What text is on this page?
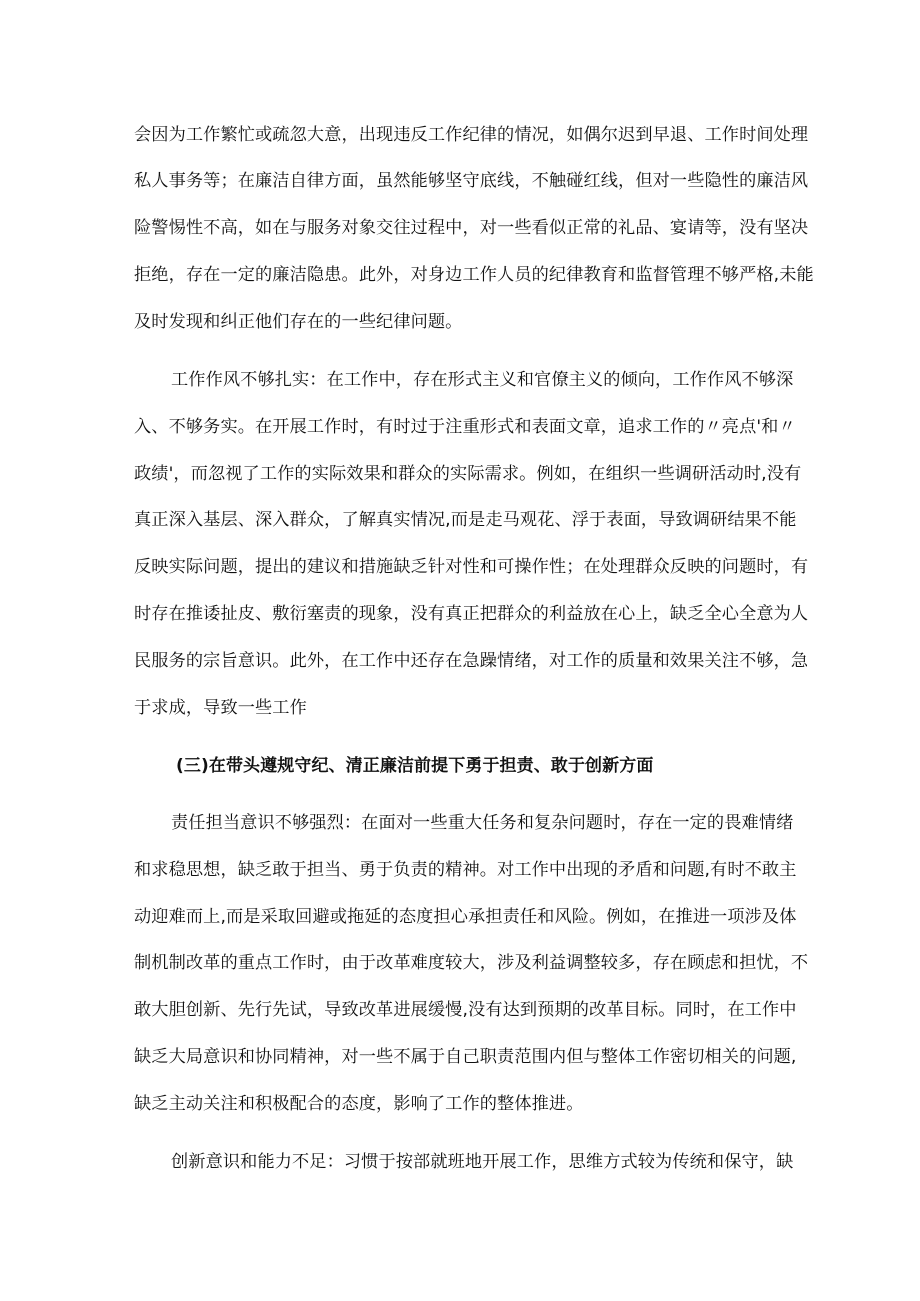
会因为工作繁忙或疏忽大意，出现违反工作纪律的情况，如偶尔迟到早退、工作时间处理
私人事务等；在廉洁自律方面，虽然能够坚守底线，不触碰红线，但对一些隐性的廉洁风
险警惕性不高，如在与服务对象交往过程中，对一些看似正常的礼品、宴请等，没有坚决
拒绝，存在一定的廉洁隐患。此外，对身边工作人员的纪律教育和监督管理不够严格,未能
及时发现和纠正他们存在的一些纪律问题。
工作作风不够扎实：在工作中，存在形式主义和官僚主义的倾向，工作作风不够深
入、不够务实。在开展工作时，有时过于注重形式和表面文章，追求工作的〃亮点'和〃
政绩'，而忽视了工作的实际效果和群众的实际需求。例如，在组织一些调研活动时,没有
真正深入基层、深入群众，了解真实情况,而是走马观花、浮于表面，导致调研结果不能
反映实际问题，提出的建议和措施缺乏针对性和可操作性；在处理群众反映的问题时，有
时存在推诿扯皮、敷衍塞责的现象，没有真正把群众的利益放在心上，缺乏全心全意为人
民服务的宗旨意识。此外，在工作中还存在急躁情绪，对工作的质量和效果关注不够，急
于求成，导致一些工作
(三)在带头遵规守纪、清正廉洁前提下勇于担责、敢于创新方面
责任担当意识不够强烈：在面对一些重大任务和复杂问题时，存在一定的畏难情绪
和求稳思想，缺乏敢于担当、勇于负责的精神。对工作中出现的矛盾和问题,有时不敢主
动迎难而上,而是采取回避或拖延的态度担心承担责任和风险。例如，在推进一项涉及体
制机制改革的重点工作时，由于改革难度较大，涉及利益调整较多，存在顾虑和担忧，不
敢大胆创新、先行先试，导致改革进展缓慢,没有达到预期的改革目标。同时，在工作中
缺乏大局意识和协同精神，对一些不属于自己职责范围内但与整体工作密切相关的问题,
缺乏主动关注和积极配合的态度，影响了工作的整体推进。
创新意识和能力不足：习惯于按部就班地开展工作，思维方式较为传统和保守，缺
